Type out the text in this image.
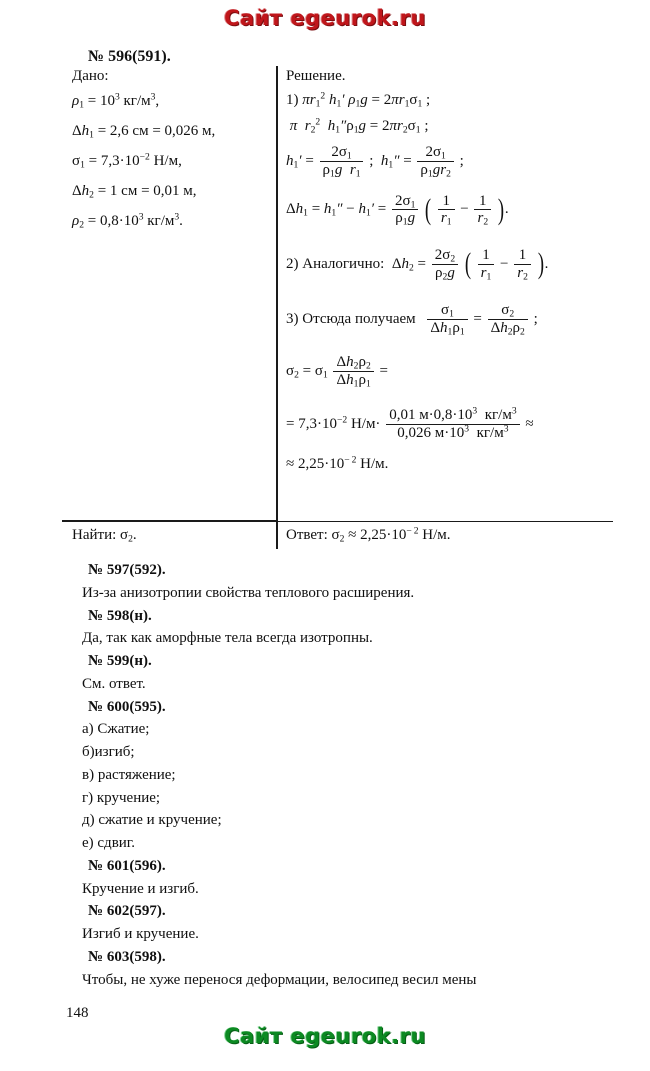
Сайт egeurok.ru
№ 596(591).
Дано:
$\rho_1 = 10^3$ $кг/м^3$,
$\Delta h_1 = 2,6$ см = 0,026 м,
$\sigma_1 = 7,3\cdot 10^{-2}$ Н/м,
$\Delta h_2 = 1$ см = 0,01 м,
$\rho_2 = 0,8\cdot 10^3$ $кг/м^3$.
Решение.
1) $\pi r_1^2$ $h_1'$ $\rho_1g = 2\pi r_1\sigma_1$ ;
π $r_2^2$ $h_1''\rho_1g = 2\pi r_2\sigma_1$ ;
$h_1' = \frac{2\sigma_1}{\rho_1g r_1}$ ;  $h_1'' = \frac{2\sigma_1}{\rho_1gr_2}$ ;
$\Delta h_1 = h_1'' - h_1' = \frac{2\sigma_1}{\rho_1g}$ ( $\frac{1}{r_1} - \frac{1}{r_2}$ ).
2) Аналогично:  $\Delta h_2 = \frac{2\sigma_2}{\rho_2g}$ ( $\frac{1}{r_1} - \frac{1}{r_2}$ ).
3) Отсюда получаем $\frac{\sigma_1}{\Delta h_1\rho_1} = \frac{\sigma_2}{\Delta h_2\rho_2}$ ;
$\sigma_2 = \sigma_1 \frac{\Delta h_2\rho_2}{\Delta h_1\rho_1}$ =
= $7,3\cdot 10^{-2}$ $Н/м\cdot \frac{0,01 м\cdot 0,8\cdot 10^3 кг/м^3}{0,026 м\cdot 10^3 кг/м^3}$ ≈
≈ $2,25\cdot 10^{- 2}$ Н/м.
Найти: $\sigma_2$.	Ответ: $\sigma_2 \approx 2,25\cdot 10^{- 2}$ Н/м.
№ 597(592).
Из-за анизотропии свойства теплового расширения.
№ 598(н).
Да, так как аморфные тела всегда изотропны.
№ 599(н).
См. ответ.
№ 600(595).
а) Сжатие;
б)изгиб;
в) растяжение;
г) кручение;
д) сжатие и кручение;
е) сдвиг.
№ 601(596).
Кручение и изгиб.
№ 602(597).
Изгиб и кручение.
№ 603(598).
Чтобы, не хуже перенося деформации, велосипед весил мены
148
Сайт egeurok.ru
